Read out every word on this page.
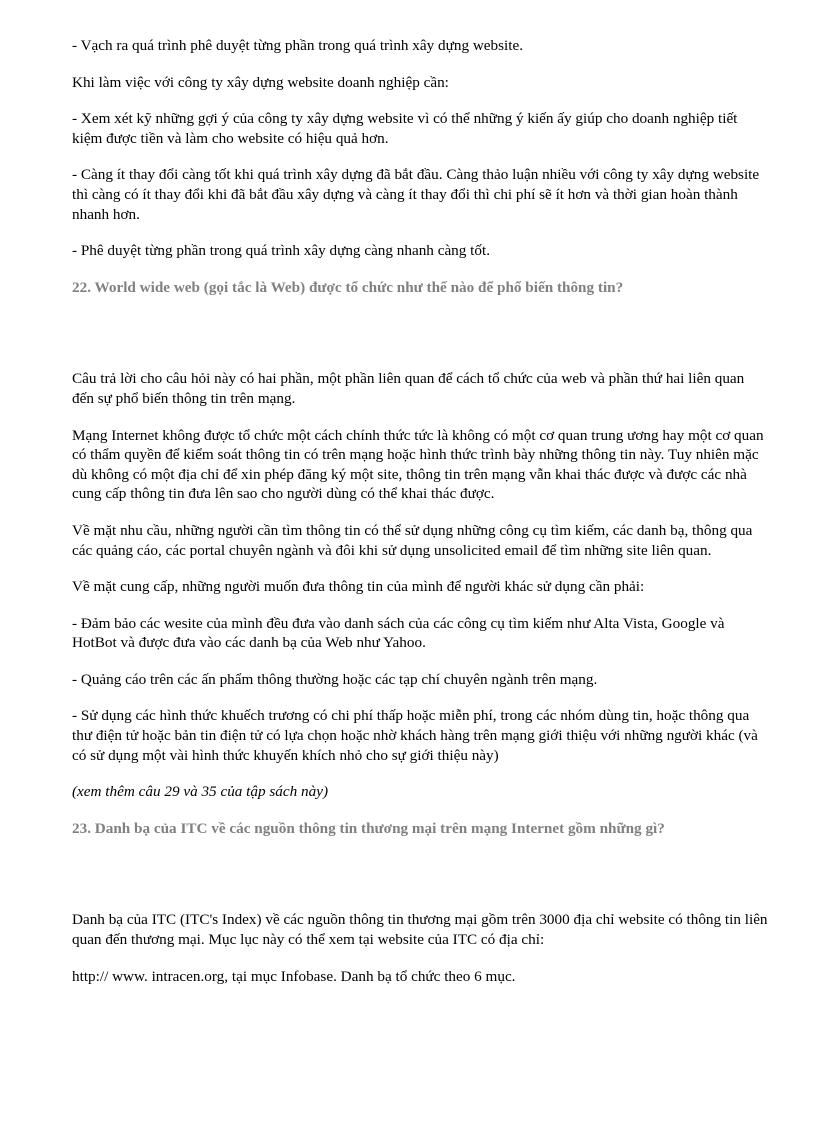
- Vạch ra quá trình phê duyệt từng phần trong quá trình xây dựng website.

Khi làm việc với công ty xây dựng website doanh nghiệp cần:

- Xem xét kỹ những gợi ý của công ty xây dựng website vì có thể những ý kiến ấy giúp cho doanh nghiệp tiết kiệm được tiền và làm cho website có hiệu quả hơn.

- Càng ít thay đổi càng tốt khi quá trình xây dựng đã bắt đầu. Càng thảo luận nhiều với công ty xây dựng website thì càng có ít thay đổi khi đã bắt đầu xây dựng và càng ít thay đổi thì chi phí sẽ ít hơn và thời gian hoàn thành nhanh hơn.

- Phê duyệt từng phần trong quá trình xây dựng càng nhanh càng tốt.

22. World wide web (gọi tắc là Web) được tổ chức như thế nào để phổ biến thông tin?

Câu trả lời cho câu hỏi này có hai phần, một phần liên quan để cách tổ chức của web và phần thứ hai liên quan đến sự phổ biến thông tin trên mạng.

Mạng Internet không được tổ chức một cách chính thức tức là không có một cơ quan trung ương hay một cơ quan có thẩm quyền để kiểm soát thông tin có trên mạng hoặc hình thức trình bày những thông tin này. Tuy nhiên mặc dù không có một địa chỉ để xin phép đăng ký một site, thông tin trên mạng vẫn khai thác được và được các nhà cung cấp thông tin đưa lên sao cho người dùng có thể khai thác được.

Về mặt nhu cầu, những người cần tìm thông tin có thể sử dụng những công cụ tìm kiếm, các danh bạ, thông qua các quảng cáo, các portal chuyên ngành và đôi khi sử dụng unsolicited email để tìm những site liên quan.

Về mặt cung cấp, những người muốn đưa thông tin của mình để người khác sử dụng cần phải:

- Đảm bảo các wesite của mình đều đưa vào danh sách của các công cụ tìm kiếm như Alta Vista, Google và HotBot và được đưa vào các danh bạ của Web như Yahoo.

- Quảng cáo trên các ấn phẩm thông thường hoặc các tạp chí chuyên ngành trên mạng.

- Sử dụng các hình thức khuếch trương có chi phí thấp hoặc miễn phí, trong các nhóm dùng tin, hoặc thông qua thư điện tử hoặc bản tin điện tử có lựa chọn hoặc nhờ khách hàng trên mạng giới thiệu với những người khác (và có sử dụng một vài hình thức khuyến khích nhỏ cho sự giới thiệu này)

(xem thêm câu 29 và 35 của tập sách này)

23. Danh bạ của ITC về các nguồn thông tin thương mại trên mạng Internet gồm những gì?

Danh bạ của ITC (ITC's Index) về các nguồn thông tin thương mại gồm trên 3000 địa chỉ website có thông tin liên quan đến thương mại. Mục lục này có thể xem tại website của ITC có địa chỉ:

http:// www. intracen.org, tại mục Infobase. Danh bạ tổ chức theo 6 mục.
